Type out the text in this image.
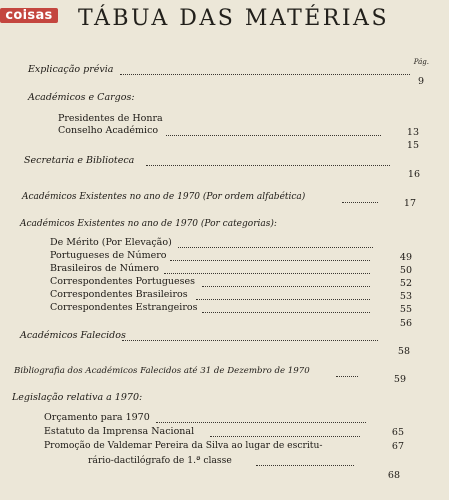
coisas TÁBUA DAS MATÉRIAS
Pág.
Explicação prévia
9
Académicos e Cargos:
Presidentes de Honra
13
Conselho Académico
15
Secretaria e Biblioteca
16
Académicos Existentes no ano de 1970 (Por ordem alfabética)
17
Académicos Existentes no ano de 1970 (Por categorias):
De Mérito (Por Elevação)
49
Portugueses de Número
50
Brasileiros de Número
52
Correspondentes Portugueses
53
Correspondentes Brasileiros
55
Correspondentes Estrangeiros
56
Académicos Falecidos
58
Bibliografia dos Académicos Falecidos até 31 de Dezembro de 1970
59
Legislação relativa a 1970:
Orçamento para 1970
65
Estatuto da Imprensa Nacional
67
Promoção de Valdemar Pereira da Silva ao lugar de escritu-
rário-dactilógrafo de 1.ª classe
68
